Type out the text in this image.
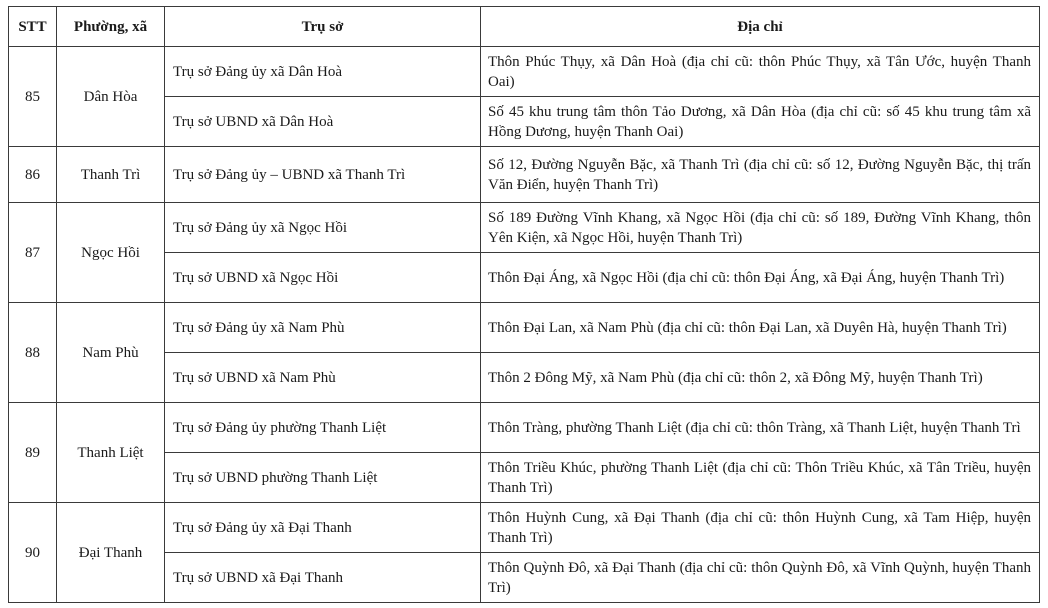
STT	Phường, xã	Trụ sở	Địa chỉ
85	Dân Hòa	Trụ sở Đảng ủy xã Dân Hoà	Thôn Phúc Thụy, xã Dân Hoà (địa chỉ cũ: thôn Phúc Thụy, xã Tân Ước, huyện Thanh Oai)
		Trụ sở UBND xã Dân Hoà	Số 45 khu trung tâm thôn Tảo Dương, xã Dân Hòa (địa chỉ cũ: số 45 khu trung tâm xã Hồng Dương, huyện Thanh Oai)
86	Thanh Trì	Trụ sở Đảng ủy – UBND xã Thanh Trì	Số 12, Đường Nguyễn Bặc, xã Thanh Trì (địa chỉ cũ: số 12, Đường Nguyễn Bặc, thị trấn Văn Điển, huyện Thanh Trì)
87	Ngọc Hồi	Trụ sở Đảng ủy xã Ngọc Hồi	Số 189 Đường Vĩnh Khang, xã Ngọc Hồi (địa chỉ cũ: số 189, Đường Vĩnh Khang, thôn Yên Kiện, xã Ngọc Hồi, huyện Thanh Trì)
		Trụ sở UBND xã Ngọc Hồi	Thôn Đại Áng, xã Ngọc Hồi (địa chỉ cũ: thôn Đại Áng, xã Đại Áng, huyện Thanh Trì)
88	Nam Phù	Trụ sở Đảng ủy xã Nam Phù	Thôn Đại Lan, xã Nam Phù (địa chỉ cũ: thôn Đại Lan, xã Duyên Hà, huyện Thanh Trì)
		Trụ sở UBND xã Nam Phù	Thôn 2 Đông Mỹ, xã Nam Phù (địa chỉ cũ: thôn 2, xã Đông Mỹ, huyện Thanh Trì)
89	Thanh Liệt	Trụ sở Đảng ủy phường Thanh Liệt	Thôn Tràng, phường Thanh Liệt (địa chỉ cũ: thôn Tràng, xã Thanh Liệt, huyện Thanh Trì
		Trụ sở UBND phường Thanh Liệt	Thôn Triều Khúc, phường Thanh Liệt (địa chỉ cũ: Thôn Triều Khúc, xã Tân Triều, huyện Thanh Trì)
90	Đại Thanh	Trụ sở Đảng ủy xã Đại Thanh	Thôn Huỳnh Cung, xã Đại Thanh (địa chỉ cũ: thôn Huỳnh Cung, xã Tam Hiệp, huyện Thanh Trì)
		Trụ sở UBND xã Đại Thanh	Thôn Quỳnh Đô, xã Đại Thanh (địa chỉ cũ: thôn Quỳnh Đô, xã Vĩnh Quỳnh, huyện Thanh Trì)
